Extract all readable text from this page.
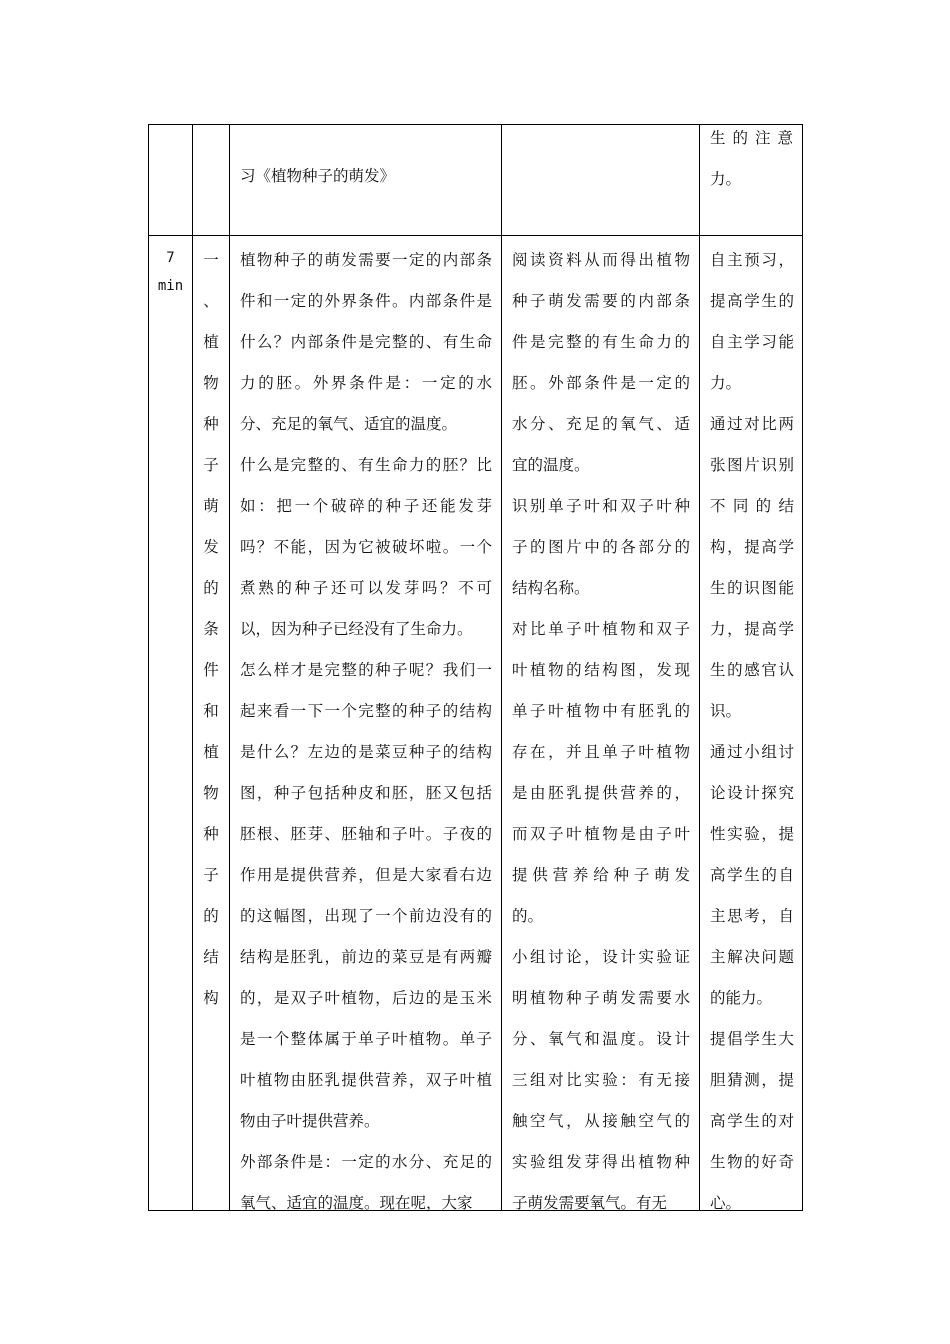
习《植物种子的萌发》
生的注意
力。
7
min
一
、
植
物
种
子
萌
发
的
条
件
和
植
物
种
子
的
结
构
植物种子的萌发需要一定的内部条
件和一定的外界条件。内部条件是
什么？内部条件是完整的、有生命
力的胚。外界条件是：一定的水
分、充足的氧气、适宜的温度。
什么是完整的、有生命力的胚？比
如：把一个破碎的种子还能发芽
吗？不能，因为它被破坏啦。一个
煮熟的种子还可以发芽吗？不可
以，因为种子已经没有了生命力。
怎么样才是完整的种子呢？我们一
起来看一下一个完整的种子的结构
是什么？左边的是菜豆种子的结构
图，种子包括种皮和胚，胚又包括
胚根、胚芽、胚轴和子叶。子夜的
作用是提供营养，但是大家看右边
的这幅图，出现了一个前边没有的
结构是胚乳，前边的菜豆是有两瓣
的，是双子叶植物，后边的是玉米
是一个整体属于单子叶植物。单子
叶植物由胚乳提供营养，双子叶植
物由子叶提供营养。
外部条件是：一定的水分、充足的
氧气、适宜的温度。现在呢，大家
阅读资料从而得出植物
种子萌发需要的内部条
件是完整的有生命力的
胚。外部条件是一定的
水分、充足的氧气、适
宜的温度。
识别单子叶和双子叶种
子的图片中的各部分的
结构名称。
对比单子叶植物和双子
叶植物的结构图，发现
单子叶植物中有胚乳的
存在，并且单子叶植物
是由胚乳提供营养的，
而双子叶植物是由子叶
提供营养给种子萌发
的。
小组讨论，设计实验证
明植物种子萌发需要水
分、氧气和温度。设计
三组对比实验：有无接
触空气，从接触空气的
实验组发芽得出植物种
子萌发需要氧气。有无
自主预习，
提高学生的
自主学习能
力。
通过对比两
张图片识别
不同的结
构，提高学
生的识图能
力，提高学
生的感官认
识。
通过小组讨
论设计探究
性实验，提
高学生的自
主思考，自
主解决问题
的能力。
提倡学生大
胆猜测，提
高学生的对
生物的好奇
心。
